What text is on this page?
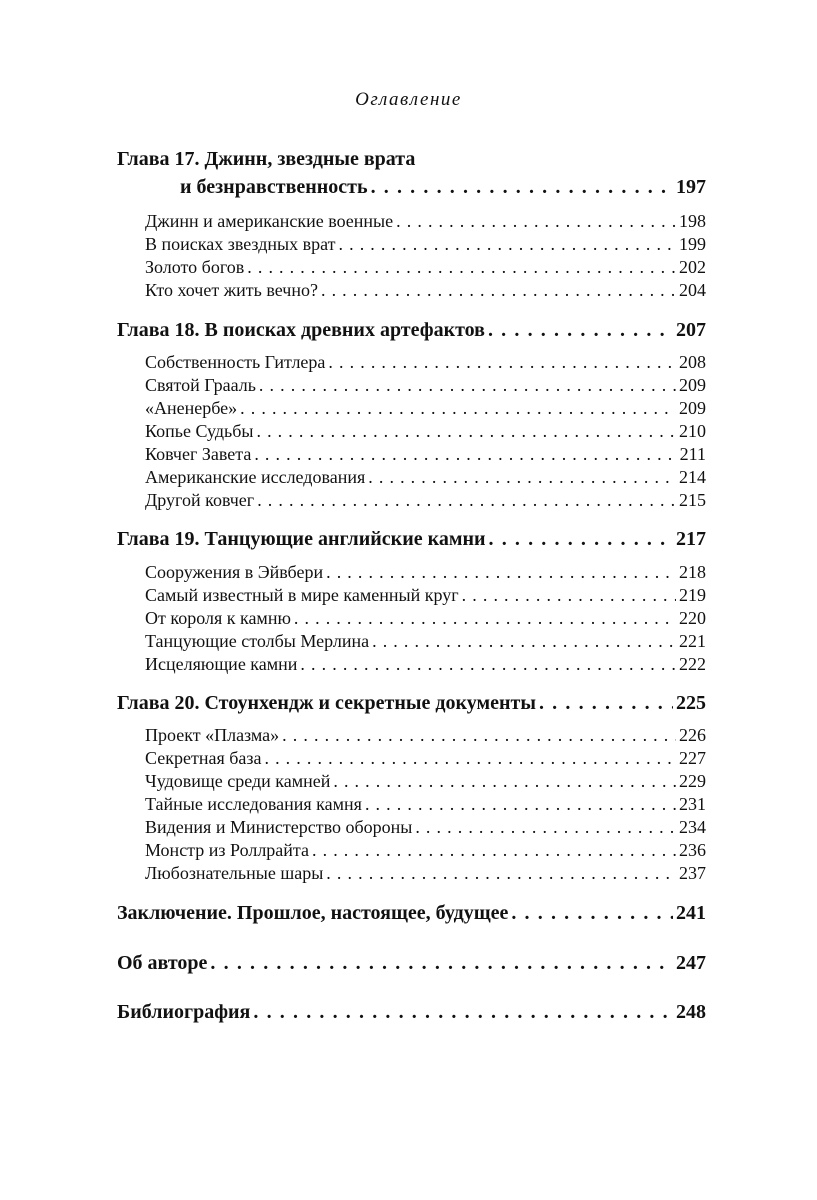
Оглавление
Глава 17. Джинн, звездные врата
и безнравственность . . .	197
Джинн и американские военные . . .	198
В поисках звездных врат . . .	199
Золото богов . . .	202
Кто хочет жить вечно? . . .	204
Глава 18. В поисках древних артефактов . . .	207
Собственность Гитлера . . .	208
Святой Грааль . . .	209
«Аненербе» . . .	209
Копье Судьбы . . .	210
Ковчег Завета . . .	211
Американские исследования . . .	214
Другой ковчег . . .	215
Глава 19. Танцующие английские камни . . .	217
Сооружения в Эйвбери . . .	218
Самый известный в мире каменный круг . . .	219
От короля к камню . . .	220
Танцующие столбы Мерлина . . .	221
Исцеляющие камни . . .	222
Глава 20. Стоунхендж и секретные документы . . .	225
Проект «Плазма» . . .	226
Секретная база . . .	227
Чудовище среди камней . . .	229
Тайные исследования камня . . .	231
Видения и Министерство обороны . . .	234
Монстр из Роллрайта . . .	236
Любознательные шары . . .	237
Заключение. Прошлое, настоящее, будущее . . .	241
Об авторе . . .	247
Библиография . . .	248
